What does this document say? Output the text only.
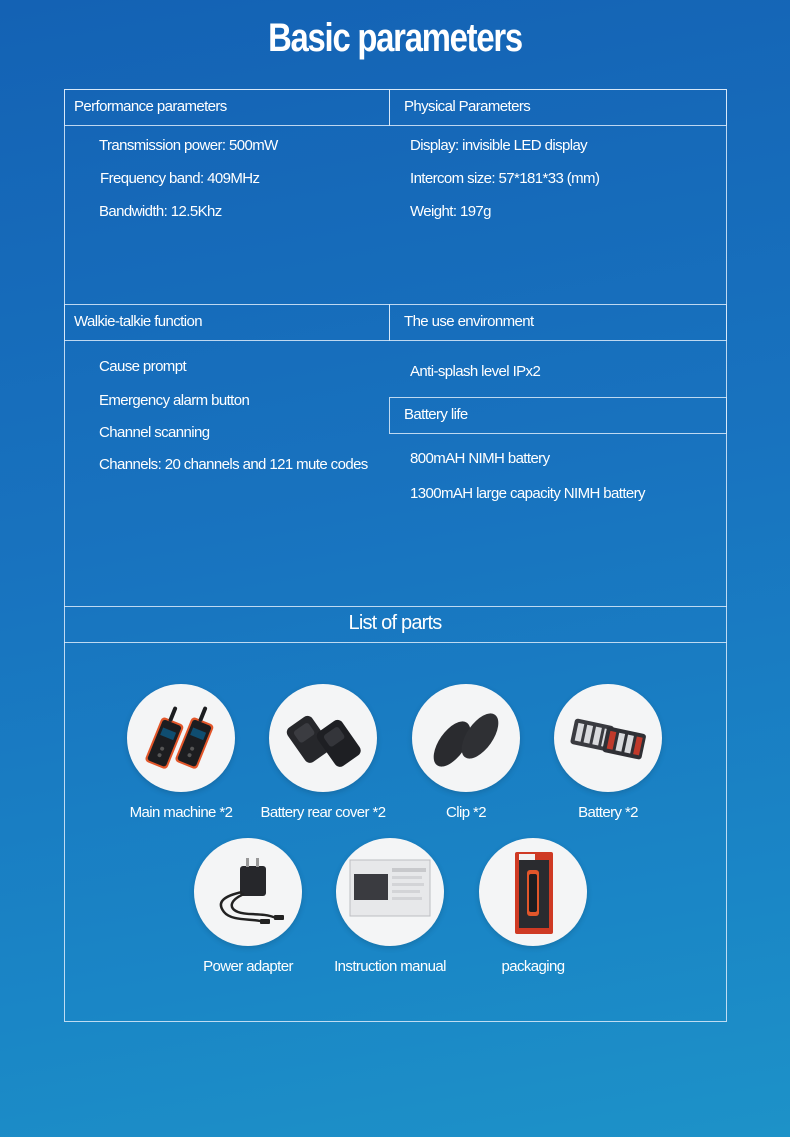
Basic parameters
Performance parameters	Physical Parameters
Transmission power: 500mW
Frequency band: 409MHz
Bandwidth: 12.5Khz
Display: invisible LED display
Intercom size: 57*181*33 (mm)
Weight: 197g
Walkie-talkie function	The use environment
Cause prompt
Emergency alarm button
Channel scanning
Channels: 20 channels and 121 mute codes
Anti-splash level IPx2
Battery life
800mAH NIMH battery
1300mAH large capacity NIMH battery
List of parts
Main machine *2	Battery rear cover *2	Clip *2	Battery *2
Power adapter	Instruction manual	packaging
